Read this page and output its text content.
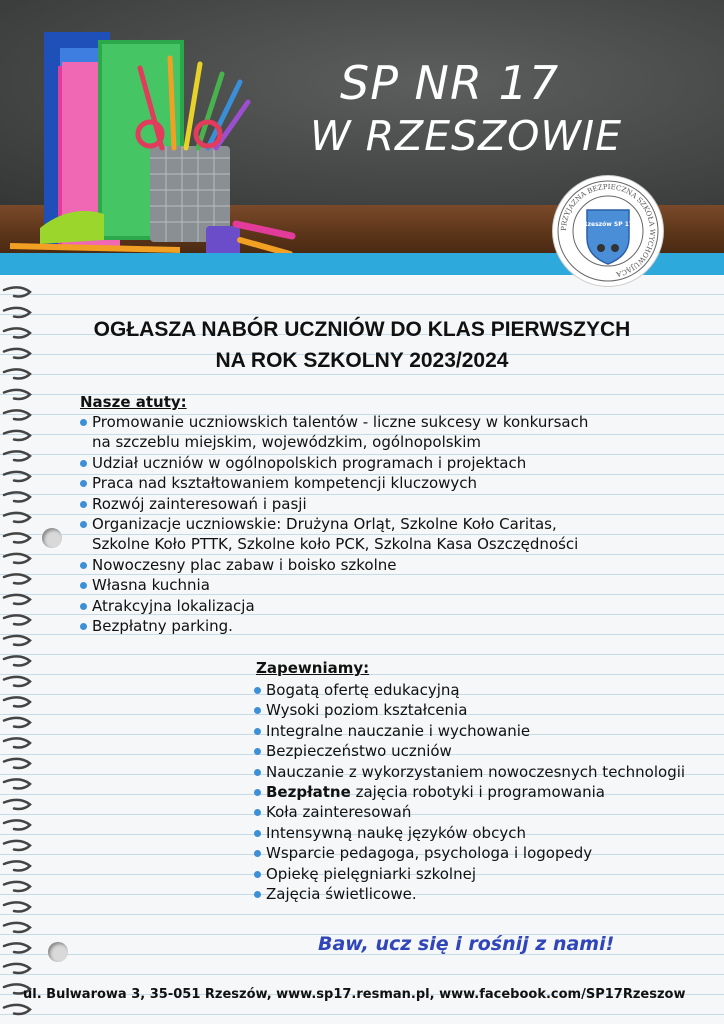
SP NR 17
W RZESZOWIE
PRZYJAZNA BEZPIECZNA SZKOŁA WYCHOWUJĄCA
Rzeszów SP 17
OGŁASZA NABÓR UCZNIÓW DO KLAS PIERWSZYCH
NA ROK SZKOLNY 2023/2024
Nasze atuty:
Promowanie uczniowskich talentów - liczne sukcesy w konkursach
na szczeblu miejskim, wojewódzkim, ogólnopolskim
Udział uczniów w ogólnopolskich programach i projektach
Praca nad kształtowaniem kompetencji kluczowych
Rozwój zainteresowań i pasji
Organizacje uczniowskie: Drużyna Orląt, Szkolne Koło Caritas,
Szkolne Koło PTTK, Szkolne koło PCK, Szkolna Kasa Oszczędności
Nowoczesny plac zabaw i boisko szkolne
Własna kuchnia
Atrakcyjna lokalizacja
Bezpłatny parking.
Zapewniamy:
Bogatą ofertę edukacyjną
Wysoki poziom kształcenia
Integralne nauczanie i wychowanie
Bezpieczeństwo uczniów
Nauczanie z wykorzystaniem nowoczesnych technologii
Bezpłatne zajęcia robotyki i programowania
Koła zainteresowań
Intensywną naukę języków obcych
Wsparcie pedagoga, psychologa i logopedy
Opiekę pielęgniarki szkolnej
Zajęcia świetlicowe.
Baw, ucz się i rośnij z nami!
ul. Bulwarowa 3, 35-051 Rzeszów, www.sp17.resman.pl, www.facebook.com/SP17Rzeszow
